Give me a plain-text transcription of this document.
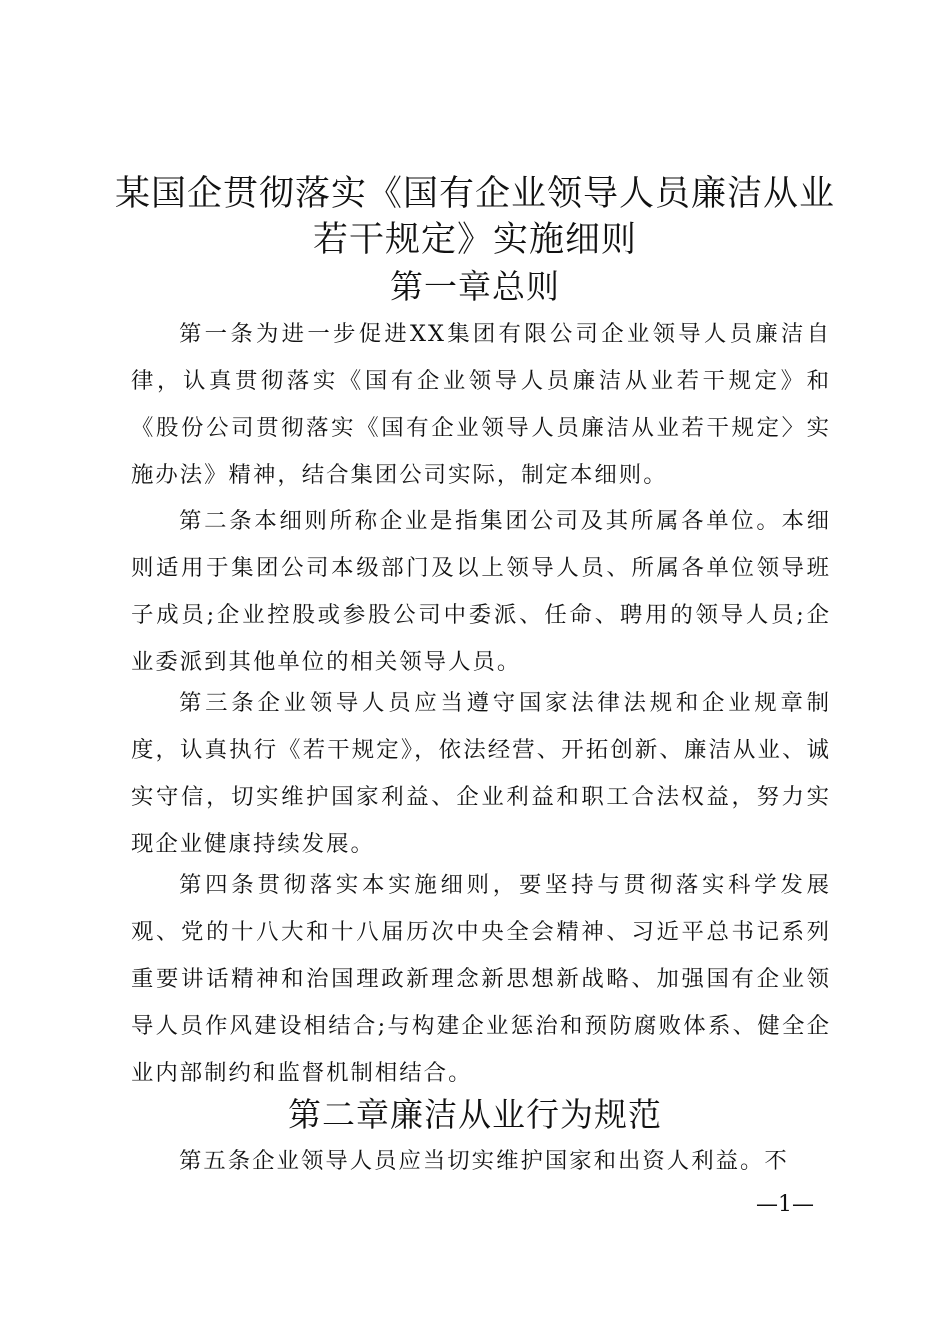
某国企贯彻落实《国有企业领导人员廉洁从业
若干规定》实施细则
第一章总则

第一条为进一步促进XX集团有限公司企业领导人员廉洁自律，认真贯彻落实《国有企业领导人员廉洁从业若干规定》和《股份公司贯彻落实《国有企业领导人员廉洁从业若干规定〉实施办法》精神，结合集团公司实际，制定本细则。

第二条本细则所称企业是指集团公司及其所属各单位。本细则适用于集团公司本级部门及以上领导人员、所属各单位领导班子成员;企业控股或参股公司中委派、任命、聘用的领导人员;企业委派到其他单位的相关领导人员。

第三条企业领导人员应当遵守国家法律法规和企业规章制度，认真执行《若干规定》，依法经营、开拓创新、廉洁从业、诚实守信，切实维护国家利益、企业利益和职工合法权益，努力实现企业健康持续发展。

第四条贯彻落实本实施细则，要坚持与贯彻落实科学发展观、党的十八大和十八届历次中央全会精神、习近平总书记系列重要讲话精神和治国理政新理念新思想新战略、加强国有企业领导人员作风建设相结合;与构建企业惩治和预防腐败体系、健全企业内部制约和监督机制相结合。

第二章廉洁从业行为规范

第五条企业领导人员应当切实维护国家和出资人利益。不

—1—
